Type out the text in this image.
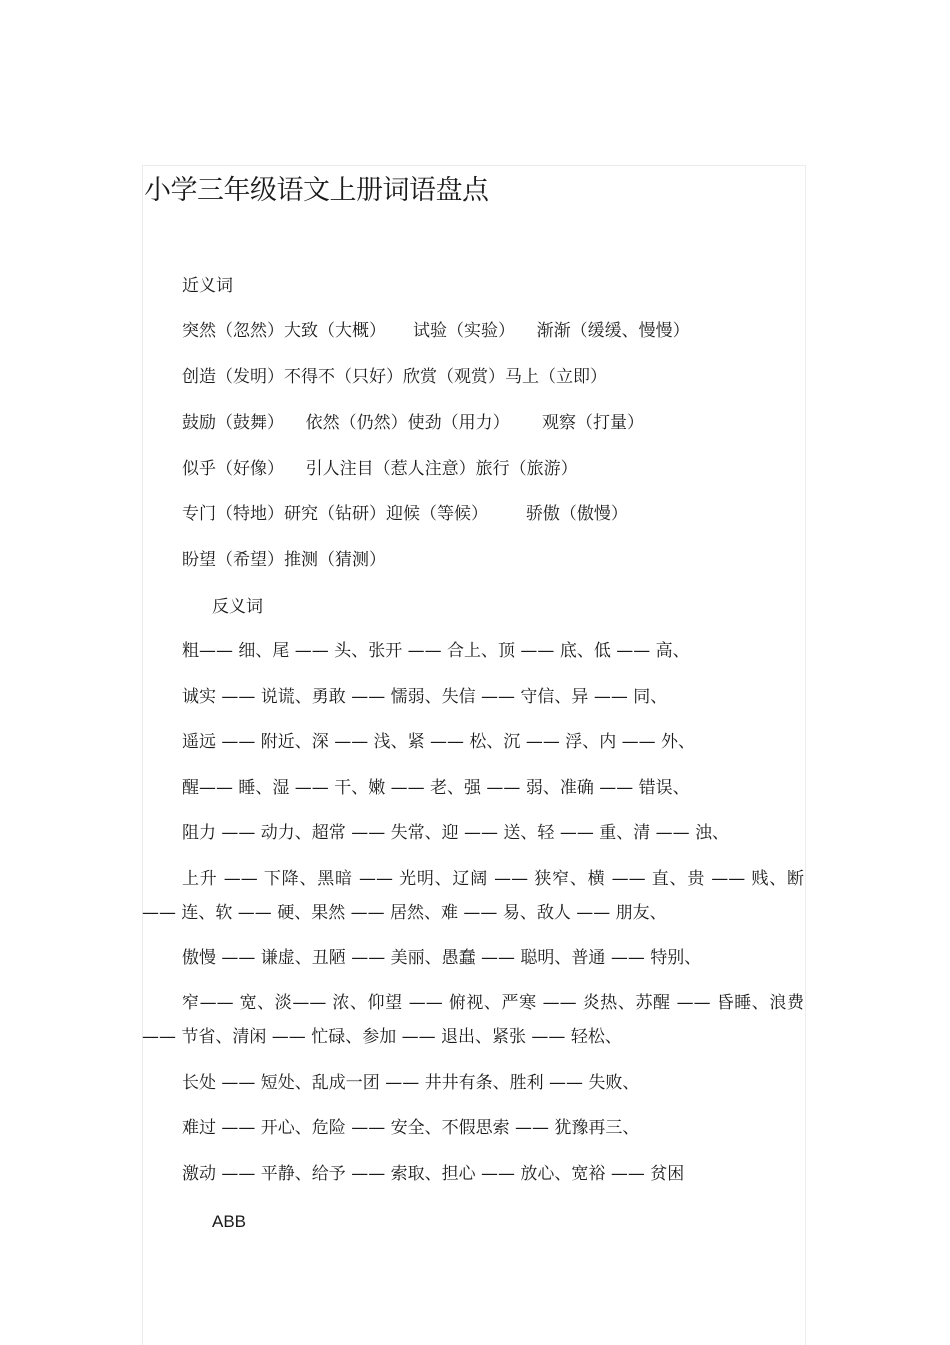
小学三年级语文上册词语盘点

近义词

突然（忽然）大致（大概）     试验（实验）    渐渐（缓缓、慢慢）

创造（发明）不得不（只好）欣赏（观赏）马上（立即）

鼓励（鼓舞）    依然（仍然）使劲（用力）      观察（打量）

似乎（好像）    引人注目（惹人注意）旅行（旅游）

专门（特地）研究（钻研）迎候（等候）       骄傲（傲慢）

盼望（希望）推测（猜测）

反义词

粗—— 细、尾 —— 头、张开 —— 合上、顶 —— 底、低 —— 高、

诚实 —— 说谎、勇敢 —— 懦弱、失信 —— 守信、异 —— 同、

遥远 —— 附近、深 —— 浅、紧 —— 松、沉 —— 浮、内 —— 外、

醒—— 睡、湿 —— 干、嫩 —— 老、强 —— 弱、准确 —— 错误、

阻力 —— 动力、超常 —— 失常、迎 —— 送、轻 —— 重、清 —— 浊、

上升 —— 下降、黑暗 —— 光明、辽阔 —— 狭窄、横 —— 直、贵 —— 贱、断—— 连、软 —— 硬、果然 —— 居然、难 —— 易、敌人 —— 朋友、

傲慢 —— 谦虚、丑陋 —— 美丽、愚蠢 —— 聪明、普通 —— 特别、

窄—— 宽、淡—— 浓、仰望 —— 俯视、严寒 —— 炎热、苏醒 —— 昏睡、浪费 —— 节省、清闲 —— 忙碌、参加 —— 退出、紧张 —— 轻松、

长处 —— 短处、乱成一团 —— 井井有条、胜利 —— 失败、

难过 —— 开心、危险 —— 安全、不假思索 —— 犹豫再三、

激动 —— 平静、给予 —— 索取、担心 —— 放心、宽裕 —— 贫困

ABB
